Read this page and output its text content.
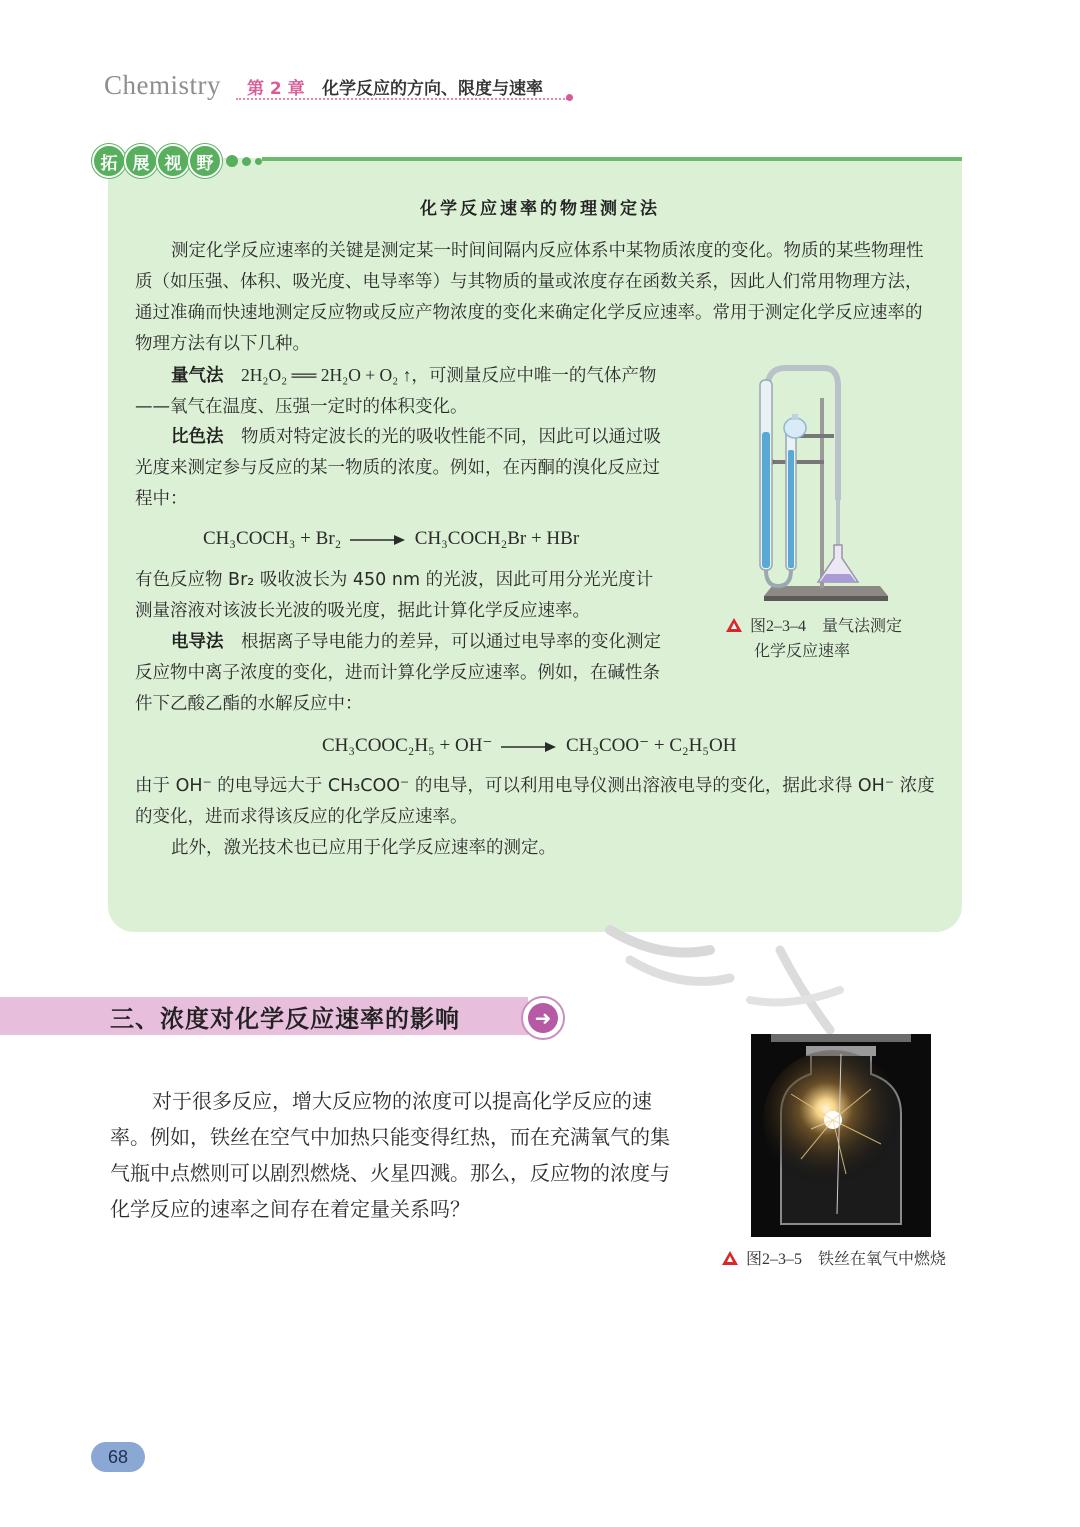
Chemistry 第 2 章 化学反应的方向、限度与速率
拓 展 视 野
化学反应速率的物理测定法
测定化学反应速率的关键是测定某一时间间隔内反应体系中某物质浓度的变化。物质的某些物理性质（如压强、体积、吸光度、电导率等）与其物质的量或浓度存在函数关系，因此人们常用物理方法，通过准确而快速地测定反应物或反应产物浓度的变化来确定化学反应速率。常用于测定化学反应速率的物理方法有以下几种。
量气法　 2H₂O₂ ══ 2H₂O + O₂ ↑，可测量反应中唯一的气体产物——氧气在温度、压强一定时的体积变化。
比色法　 物质对特定波长的光的吸收性能不同，因此可以通过吸光度来测定参与反应的某一物质的浓度。例如，在丙酮的溴化反应过程中：
CH₃COCH₃ + Br₂ → CH₃COCH₂Br + HBr
有色反应物 Br₂ 吸收波长为 450 nm 的光波，因此可用分光光度计测量溶液对该波长光波的吸光度，据此计算化学反应速率。
电导法　 根据离子导电能力的差异，可以通过电导率的变化测定反应物中离子浓度的变化，进而计算化学反应速率。例如，在碱性条件下乙酸乙酯的水解反应中：
CH₃COOC₂H₅ + OH⁻ → CH₃COO⁻ + C₂H₅OH
由于 OH⁻ 的电导远大于 CH₃COO⁻ 的电导，可以利用电导仪测出溶液电导的变化，据此求得 OH⁻ 浓度的变化，进而求得该反应的化学反应速率。
此外，激光技术也已应用于化学反应速率的测定。
图2–3–4　量气法测定
化学反应速率
三、浓度对化学反应速率的影响	➜
对于很多反应，增大反应物的浓度可以提高化学反应的速率。例如，铁丝在空气中加热只能变得红热，而在充满氧气的集气瓶中点燃则可以剧烈燃烧、火星四溅。那么，反应物的浓度与化学反应的速率之间存在着定量关系吗？
图2–3–5　铁丝在氧气中燃烧
68
